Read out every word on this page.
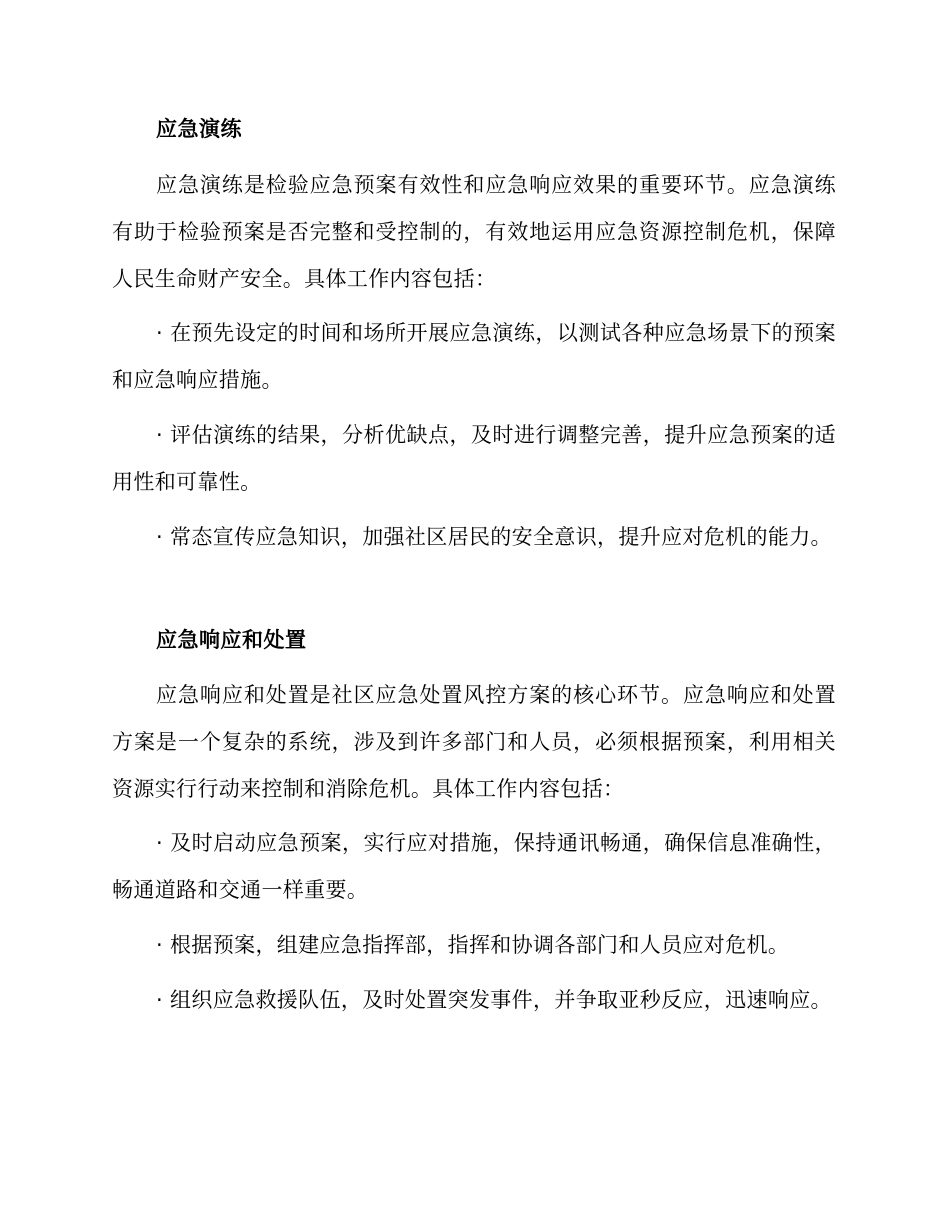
应急演练

应急演练是检验应急预案有效性和应急响应效果的重要环节。应急演练有助于检验预案是否完整和受控制的，有效地运用应急资源控制危机，保障人民生命财产安全。具体工作内容包括：

· 在预先设定的时间和场所开展应急演练，以测试各种应急场景下的预案和应急响应措施。

· 评估演练的结果，分析优缺点，及时进行调整完善，提升应急预案的适用性和可靠性。

· 常态宣传应急知识，加强社区居民的安全意识，提升应对危机的能力。

应急响应和处置

应急响应和处置是社区应急处置风控方案的核心环节。应急响应和处置方案是一个复杂的系统，涉及到许多部门和人员，必须根据预案，利用相关资源实行行动来控制和消除危机。具体工作内容包括：

· 及时启动应急预案，实行应对措施，保持通讯畅通，确保信息准确性，畅通道路和交通一样重要。

· 根据预案，组建应急指挥部，指挥和协调各部门和人员应对危机。

· 组织应急救援队伍，及时处置突发事件，并争取亚秒反应，迅速响应。
